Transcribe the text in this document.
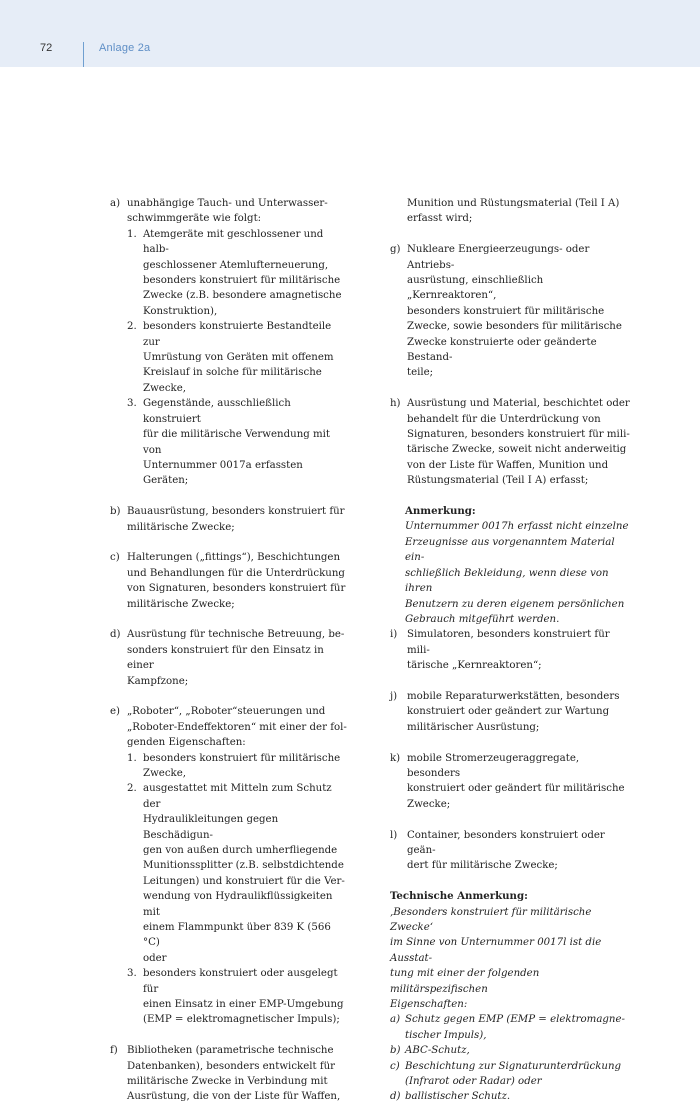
72	Anlage 2a
a) unabhängige Tauch- und Unterwasser-
schwimmgeräte wie folgt:
1. Atemgeräte mit geschlossener und halb-
geschlossener Atemlufterneuerung,
besonders konstruiert für militärische
Zwecke (z.B. besondere amagnetische
Konstruktion),
2. besonders konstruierte Bestandteile zur
Umrüstung von Geräten mit offenem
Kreislauf in solche für militärische
Zwecke,
3. Gegenstände, ausschließlich konstruiert
für die militärische Verwendung mit von
Unternummer 0017a erfassten Geräten;
b) Bauausrüstung, besonders konstruiert für
militärische Zwecke;
c) Halterungen („fittings“), Beschichtungen
und Behandlungen für die Unterdrückung
von Signaturen, besonders konstruiert für
militärische Zwecke;
d) Ausrüstung für technische Betreuung, be-
sonders konstruiert für den Einsatz in einer
Kampfzone;
e) „Roboter“, „Roboter“steuerungen und
„Roboter-Endeffektoren“ mit einer der fol-
genden Eigenschaften:
1. besonders konstruiert für militärische
Zwecke,
2. ausgestattet mit Mitteln zum Schutz der
Hydraulikleitungen gegen Beschädigun-
gen von außen durch umherfliegende
Munitionssplitter (z.B. selbstdichtende
Leitungen) und konstruiert für die Ver-
wendung von Hydraulikflüssigkeiten mit
einem Flammpunkt über 839 K (566 °C)
oder
3. besonders konstruiert oder ausgelegt für
einen Einsatz in einer EMP-Umgebung
(EMP = elektromagnetischer Impuls);
f) Bibliotheken (parametrische technische
Datenbanken), besonders entwickelt für
militärische Zwecke in Verbindung mit
Ausrüstung, die von der Liste für Waffen,
Munition und Rüstungsmaterial (Teil I A)
erfasst wird;
g) Nukleare Energieerzeugungs- oder Antriebs-
ausrüstung, einschließlich „Kernreaktoren“,
besonders konstruiert für militärische
Zwecke, sowie besonders für militärische
Zwecke konstruierte oder geänderte Bestand-
teile;
h) Ausrüstung und Material, beschichtet oder
behandelt für die Unterdrückung von
Signaturen, besonders konstruiert für mili-
tärische Zwecke, soweit nicht anderweitig
von der Liste für Waffen, Munition und
Rüstungsmaterial (Teil I A) erfasst;
Anmerkung:
Unternummer 0017h erfasst nicht einzelne
Erzeugnisse aus vorgenanntem Material ein-
schließlich Bekleidung, wenn diese von ihren
Benutzern zu deren eigenem persönlichen
Gebrauch mitgeführt werden.
i) Simulatoren, besonders konstruiert für mili-
tärische „Kernreaktoren“;
j) mobile Reparaturwerkstätten, besonders
konstruiert oder geändert zur Wartung
militärischer Ausrüstung;
k) mobile Stromerzeugeraggregate, besonders
konstruiert oder geändert für militärische
Zwecke;
l) Container, besonders konstruiert oder geän-
dert für militärische Zwecke;
Technische Anmerkung:
‚Besonders konstruiert für militärische Zwecke‘
im Sinne von Unternummer 0017l ist die Ausstat-
tung mit einer der folgenden militärspezifischen
Eigenschaften:
a) Schutz gegen EMP (EMP = elektromagne-
tischer Impuls),
b) ABC-Schutz,
c) Beschichtung zur Signaturunterdrückung
(Infrarot oder Radar) oder
d) ballistischer Schutz.
